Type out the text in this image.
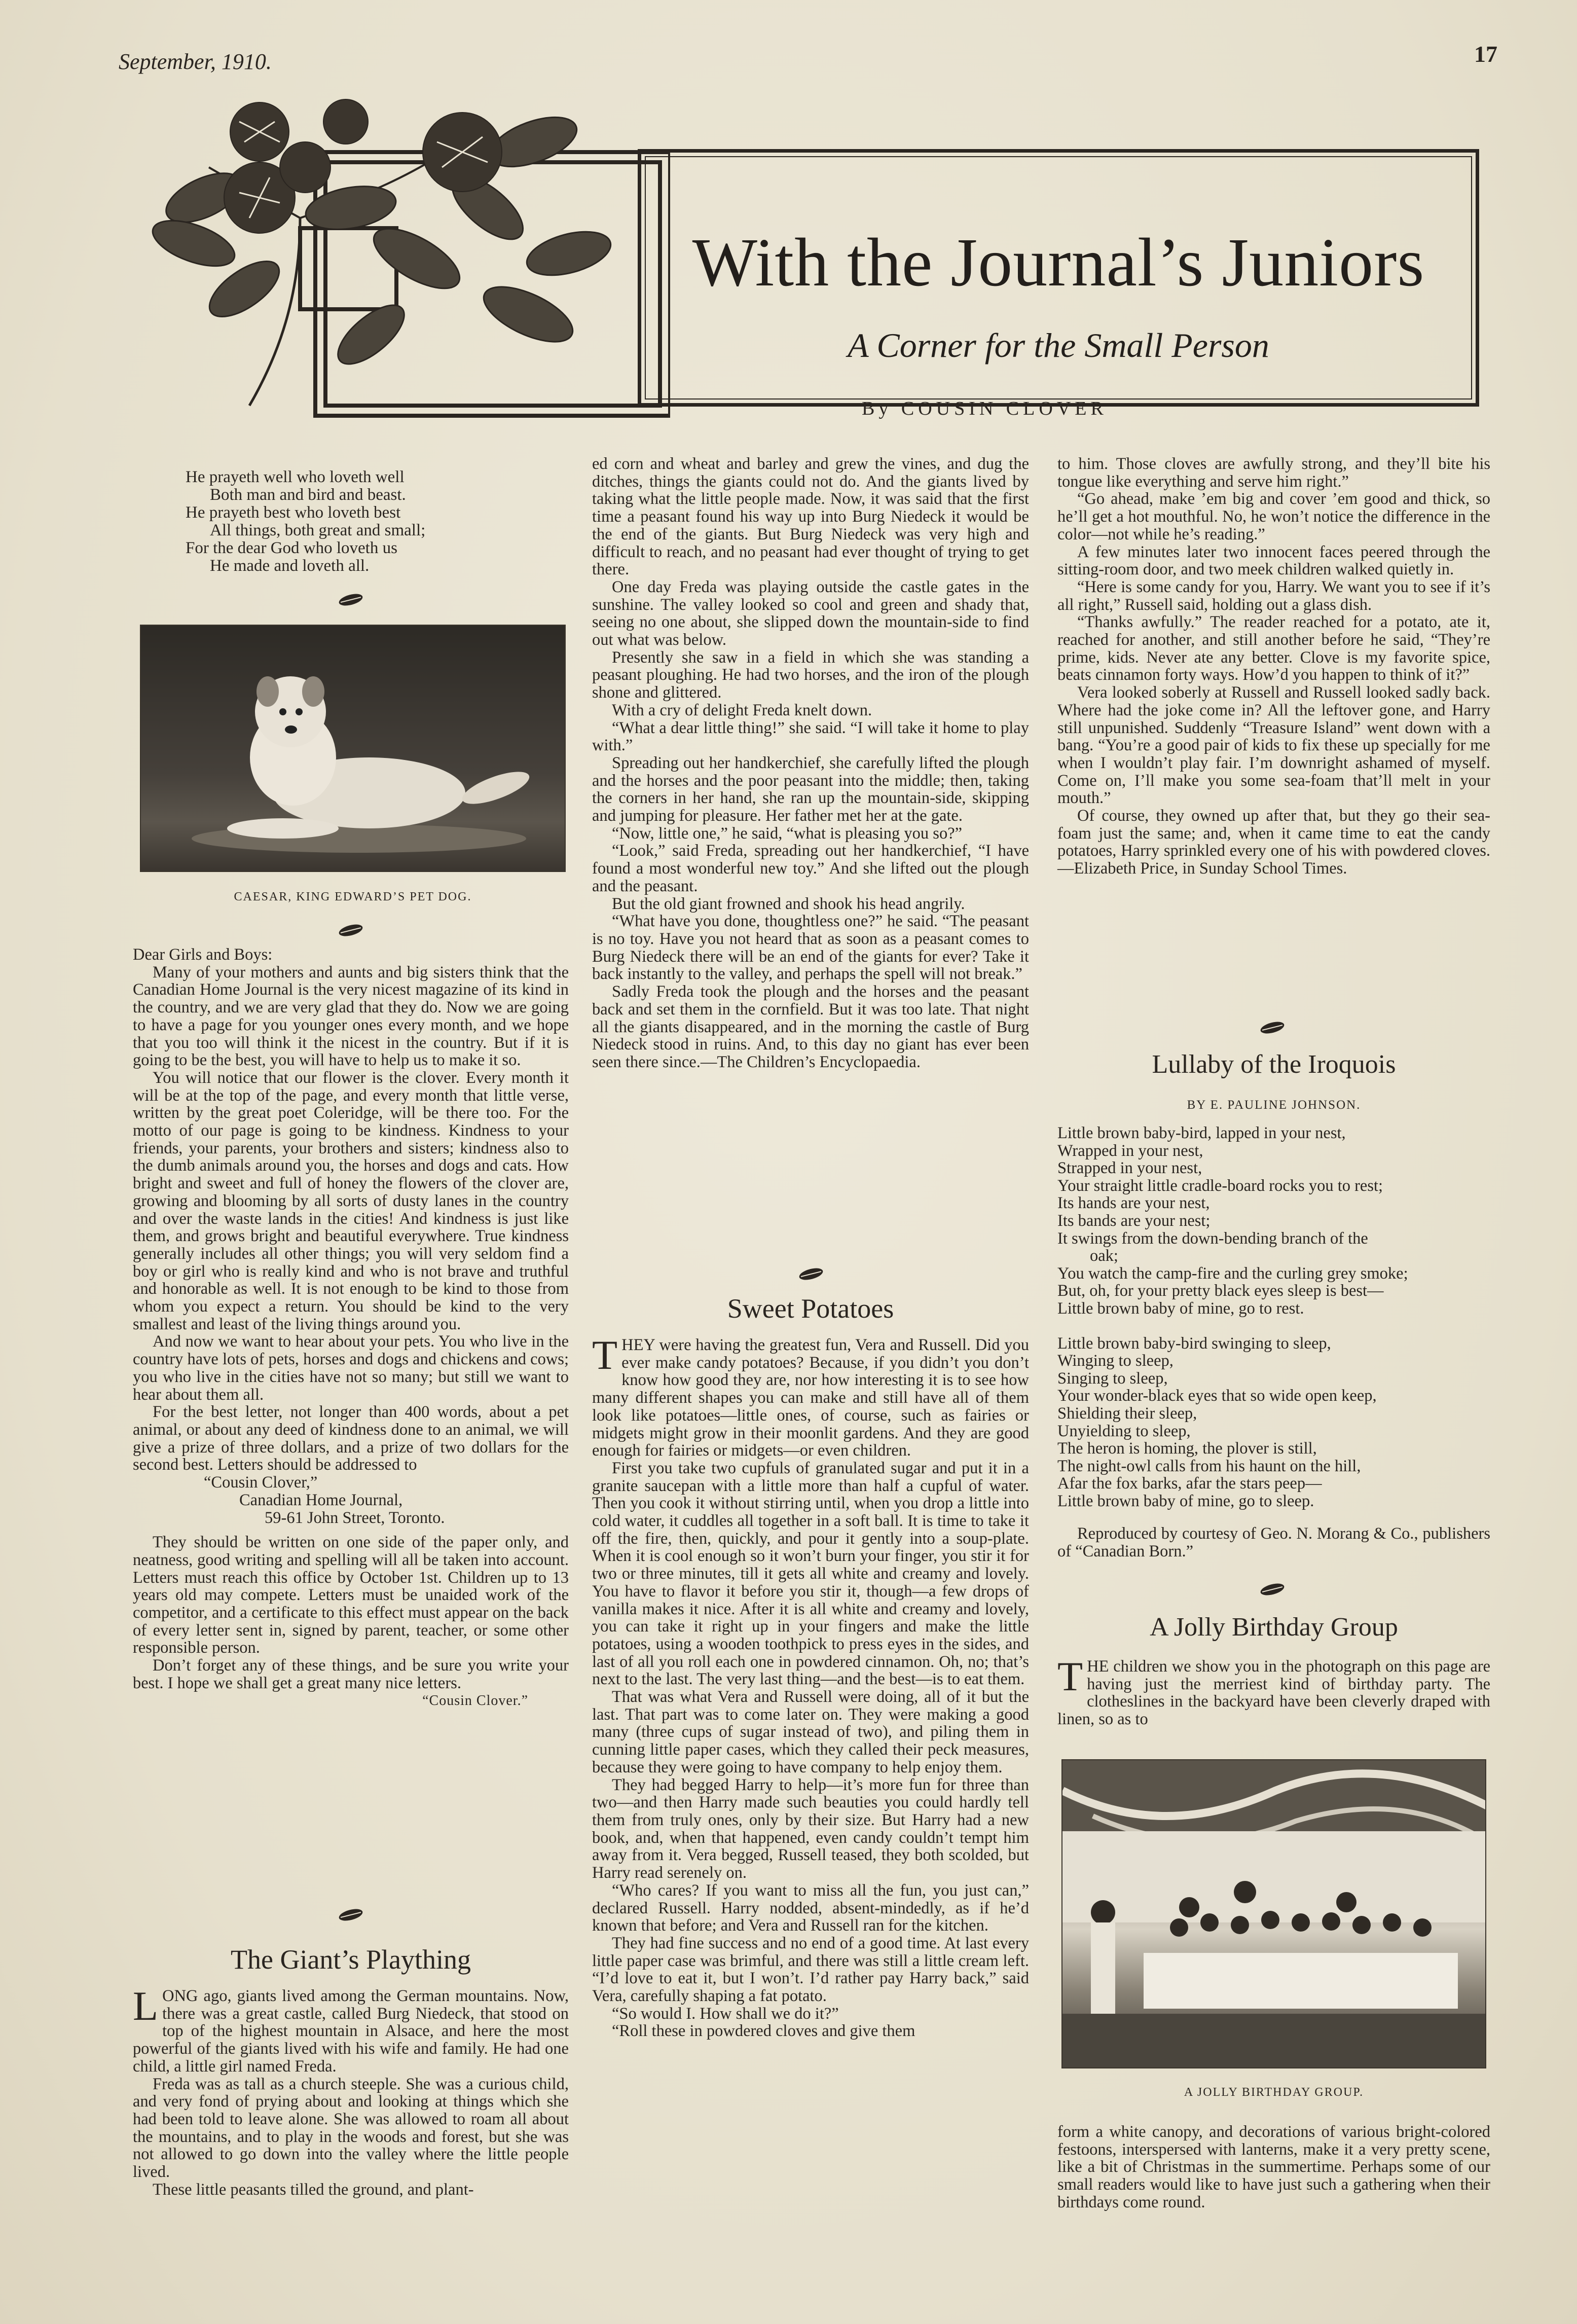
September, 1910.	17
With the Journal’s Juniors
A Corner for the Small Person
By COUSIN CLOVER
He prayeth well who loveth well
Both man and bird and beast.
He prayeth best who loveth best
All things, both great and small;
For the dear God who loveth us
He made and loveth all.
CAESAR, KING EDWARD’S PET DOG.

Dear Girls and Boys:

Many of your mothers and aunts and big sisters think that the Canadian Home Journal is the very nicest magazine of its kind in the country, and we are very glad that they do. Now we are going to have a page for you younger ones every month, and we hope that you too will think it the nicest in the country. But if it is going to be the best, you will have to help us to make it so.

You will notice that our flower is the clover. Every month it will be at the top of the page, and every month that little verse, written by the great poet Coleridge, will be there too. For the motto of our page is going to be kindness. Kindness to your friends, your parents, your brothers and sisters; kindness also to the dumb animals around you, the horses and dogs and cats. How bright and sweet and full of honey the flowers of the clover are, growing and blooming by all sorts of dusty lanes in the country and over the waste lands in the cities! And kindness is just like them, and grows bright and beautiful everywhere. True kindness generally includes all other things; you will very seldom find a boy or girl who is really kind and who is not brave and truthful and honorable as well. It is not enough to be kind to those from whom you expect a return. You should be kind to the very smallest and least of the living things around you.

And now we want to hear about your pets. You who live in the country have lots of pets, horses and dogs and chickens and cows; you who live in the cities have not so many; but still we want to hear about them all.

For the best letter, not longer than 400 words, about a pet animal, or about any deed of kindness done to an animal, we will give a prize of three dollars, and a prize of two dollars for the second best. Letters should be addressed to

“Cousin Clover,”

Canadian Home Journal,

59-61 John Street, Toronto.

They should be written on one side of the paper only, and neatness, good writing and spelling will all be taken into account. Letters must reach this office by October 1st. Children up to 13 years old may compete. Letters must be unaided work of the competitor, and a certificate to this effect must appear on the back of every letter sent in, signed by parent, teacher, or some other responsible person.

Don’t forget any of these things, and be sure you write your best. I hope we shall get a great many nice letters.

“Cousin Clover.”

The Giant’s Plaything

LONG ago, giants lived among the German mountains. Now, there was a great castle, called Burg Niedeck, that stood on top of the highest mountain in Alsace, and here the most powerful of the giants lived with his wife and family. He had one child, a little girl named Freda.

Freda was as tall as a church steeple. She was a curious child, and very fond of prying about and looking at things which she had been told to leave alone. She was allowed to roam all about the mountains, and to play in the woods and forest, but she was not allowed to go down into the valley where the little people lived.

These little peasants tilled the ground, and plant-

ed corn and wheat and barley and grew the vines, and dug the ditches, things the giants could not do. And the giants lived by taking what the little people made. Now, it was said that the first time a peasant found his way up into Burg Niedeck it would be the end of the giants. But Burg Niedeck was very high and difficult to reach, and no peasant had ever thought of trying to get there.

One day Freda was playing outside the castle gates in the sunshine. The valley looked so cool and green and shady that, seeing no one about, she slipped down the mountain-side to find out what was below.

Presently she saw in a field in which she was standing a peasant ploughing. He had two horses, and the iron of the plough shone and glittered.

With a cry of delight Freda knelt down.

“What a dear little thing!” she said. “I will take it home to play with.”

Spreading out her handkerchief, she carefully lifted the plough and the horses and the poor peasant into the middle; then, taking the corners in her hand, she ran up the mountain-side, skipping and jumping for pleasure. Her father met her at the gate.

“Now, little one,” he said, “what is pleasing you so?”

“Look,” said Freda, spreading out her handkerchief, “I have found a most wonderful new toy.” And she lifted out the plough and the peasant.

But the old giant frowned and shook his head angrily.

“What have you done, thoughtless one?” he said. “The peasant is no toy. Have you not heard that as soon as a peasant comes to Burg Niedeck there will be an end of the giants for ever? Take it back instantly to the valley, and perhaps the spell will not break.”

Sadly Freda took the plough and the horses and the peasant back and set them in the cornfield. But it was too late. That night all the giants disappeared, and in the morning the castle of Burg Niedeck stood in ruins. And, to this day no giant has ever been seen there since.—The Children’s Encyclopaedia.

Sweet Potatoes

THEY were having the greatest fun, Vera and Russell. Did you ever make candy potatoes? Because, if you didn’t you don’t know how good they are, nor how interesting it is to see how many different shapes you can make and still have all of them look like potatoes—little ones, of course, such as fairies or midgets might grow in their moonlit gardens. And they are good enough for fairies or midgets—or even children.

First you take two cupfuls of granulated sugar and put it in a granite saucepan with a little more than half a cupful of water. Then you cook it without stirring until, when you drop a little into cold water, it cuddles all together in a soft ball. It is time to take it off the fire, then, quickly, and pour it gently into a soup-plate. When it is cool enough so it won’t burn your finger, you stir it for two or three minutes, till it gets all white and creamy and lovely. You have to flavor it before you stir it, though—a few drops of vanilla makes it nice. After it is all white and creamy and lovely, you can take it right up in your fingers and make the little potatoes, using a wooden toothpick to press eyes in the sides, and last of all you roll each one in powdered cinnamon. Oh, no; that’s next to the last. The very last thing—and the best—is to eat them.

That was what Vera and Russell were doing, all of it but the last. That part was to come later on. They were making a good many (three cups of sugar instead of two), and piling them in cunning little paper cases, which they called their peck measures, because they were going to have company to help enjoy them.

They had begged Harry to help—it’s more fun for three than two—and then Harry made such beauties you could hardly tell them from truly ones, only by their size. But Harry had a new book, and, when that happened, even candy couldn’t tempt him away from it. Vera begged, Russell teased, they both scolded, but Harry read serenely on.

“Who cares? If you want to miss all the fun, you just can,” declared Russell. Harry nodded, absent-mindedly, as if he’d known that before; and Vera and Russell ran for the kitchen.

They had fine success and no end of a good time. At last every little paper case was brimful, and there was still a little cream left. “I’d love to eat it, but I won’t. I’d rather pay Harry back,” said Vera, carefully shaping a fat potato.

“So would I. How shall we do it?”

“Roll these in powdered cloves and give them

to him. Those cloves are awfully strong, and they’ll bite his tongue like everything and serve him right.”

“Go ahead, make ’em big and cover ’em good and thick, so he’ll get a hot mouthful. No, he won’t notice the difference in the color—not while he’s reading.”

A few minutes later two innocent faces peered through the sitting-room door, and two meek children walked quietly in.

“Here is some candy for you, Harry. We want you to see if it’s all right,” Russell said, holding out a glass dish.

“Thanks awfully.” The reader reached for a potato, ate it, reached for another, and still another before he said, “They’re prime, kids. Never ate any better. Clove is my favorite spice, beats cinnamon forty ways. How’d you happen to think of it?”

Vera looked soberly at Russell and Russell looked sadly back. Where had the joke come in? All the leftover gone, and Harry still unpunished. Suddenly “Treasure Island” went down with a bang. “You’re a good pair of kids to fix these up specially for me when I wouldn’t play fair. I’m downright ashamed of myself. Come on, I’ll make you some sea-foam that’ll melt in your mouth.”

Of course, they owned up after that, but they go their sea-foam just the same; and, when it came time to eat the candy potatoes, Harry sprinkled every one of his with powdered cloves.—Elizabeth Price, in Sunday School Times.

Lullaby of the Iroquois
BY E. PAULINE JOHNSON.
Little brown baby-bird, lapped in your nest,
Wrapped in your nest,
Strapped in your nest,
Your straight little cradle-board rocks you to rest;
Its hands are your nest,
Its bands are your nest;
It swings from the down-bending branch of the
oak;
You watch the camp-fire and the curling grey smoke;
But, oh, for your pretty black eyes sleep is best—
Little brown baby of mine, go to rest.
Little brown baby-bird swinging to sleep,
Winging to sleep,
Singing to sleep,
Your wonder-black eyes that so wide open keep,
Shielding their sleep,
Unyielding to sleep,
The heron is homing, the plover is still,
The night-owl calls from his haunt on the hill,
Afar the fox barks, afar the stars peep—
Little brown baby of mine, go to sleep.

Reproduced by courtesy of Geo. N. Morang & Co., publishers of “Canadian Born.”

A Jolly Birthday Group

THE children we show you in the photograph on this page are having just the merriest kind of birthday party. The clotheslines in the backyard have been cleverly draped with linen, so as to

A JOLLY BIRTHDAY GROUP.

form a white canopy, and decorations of various bright-colored festoons, interspersed with lanterns, make it a very pretty scene, like a bit of Christmas in the summertime. Perhaps some of our small readers would like to have just such a gathering when their birthdays come round.
